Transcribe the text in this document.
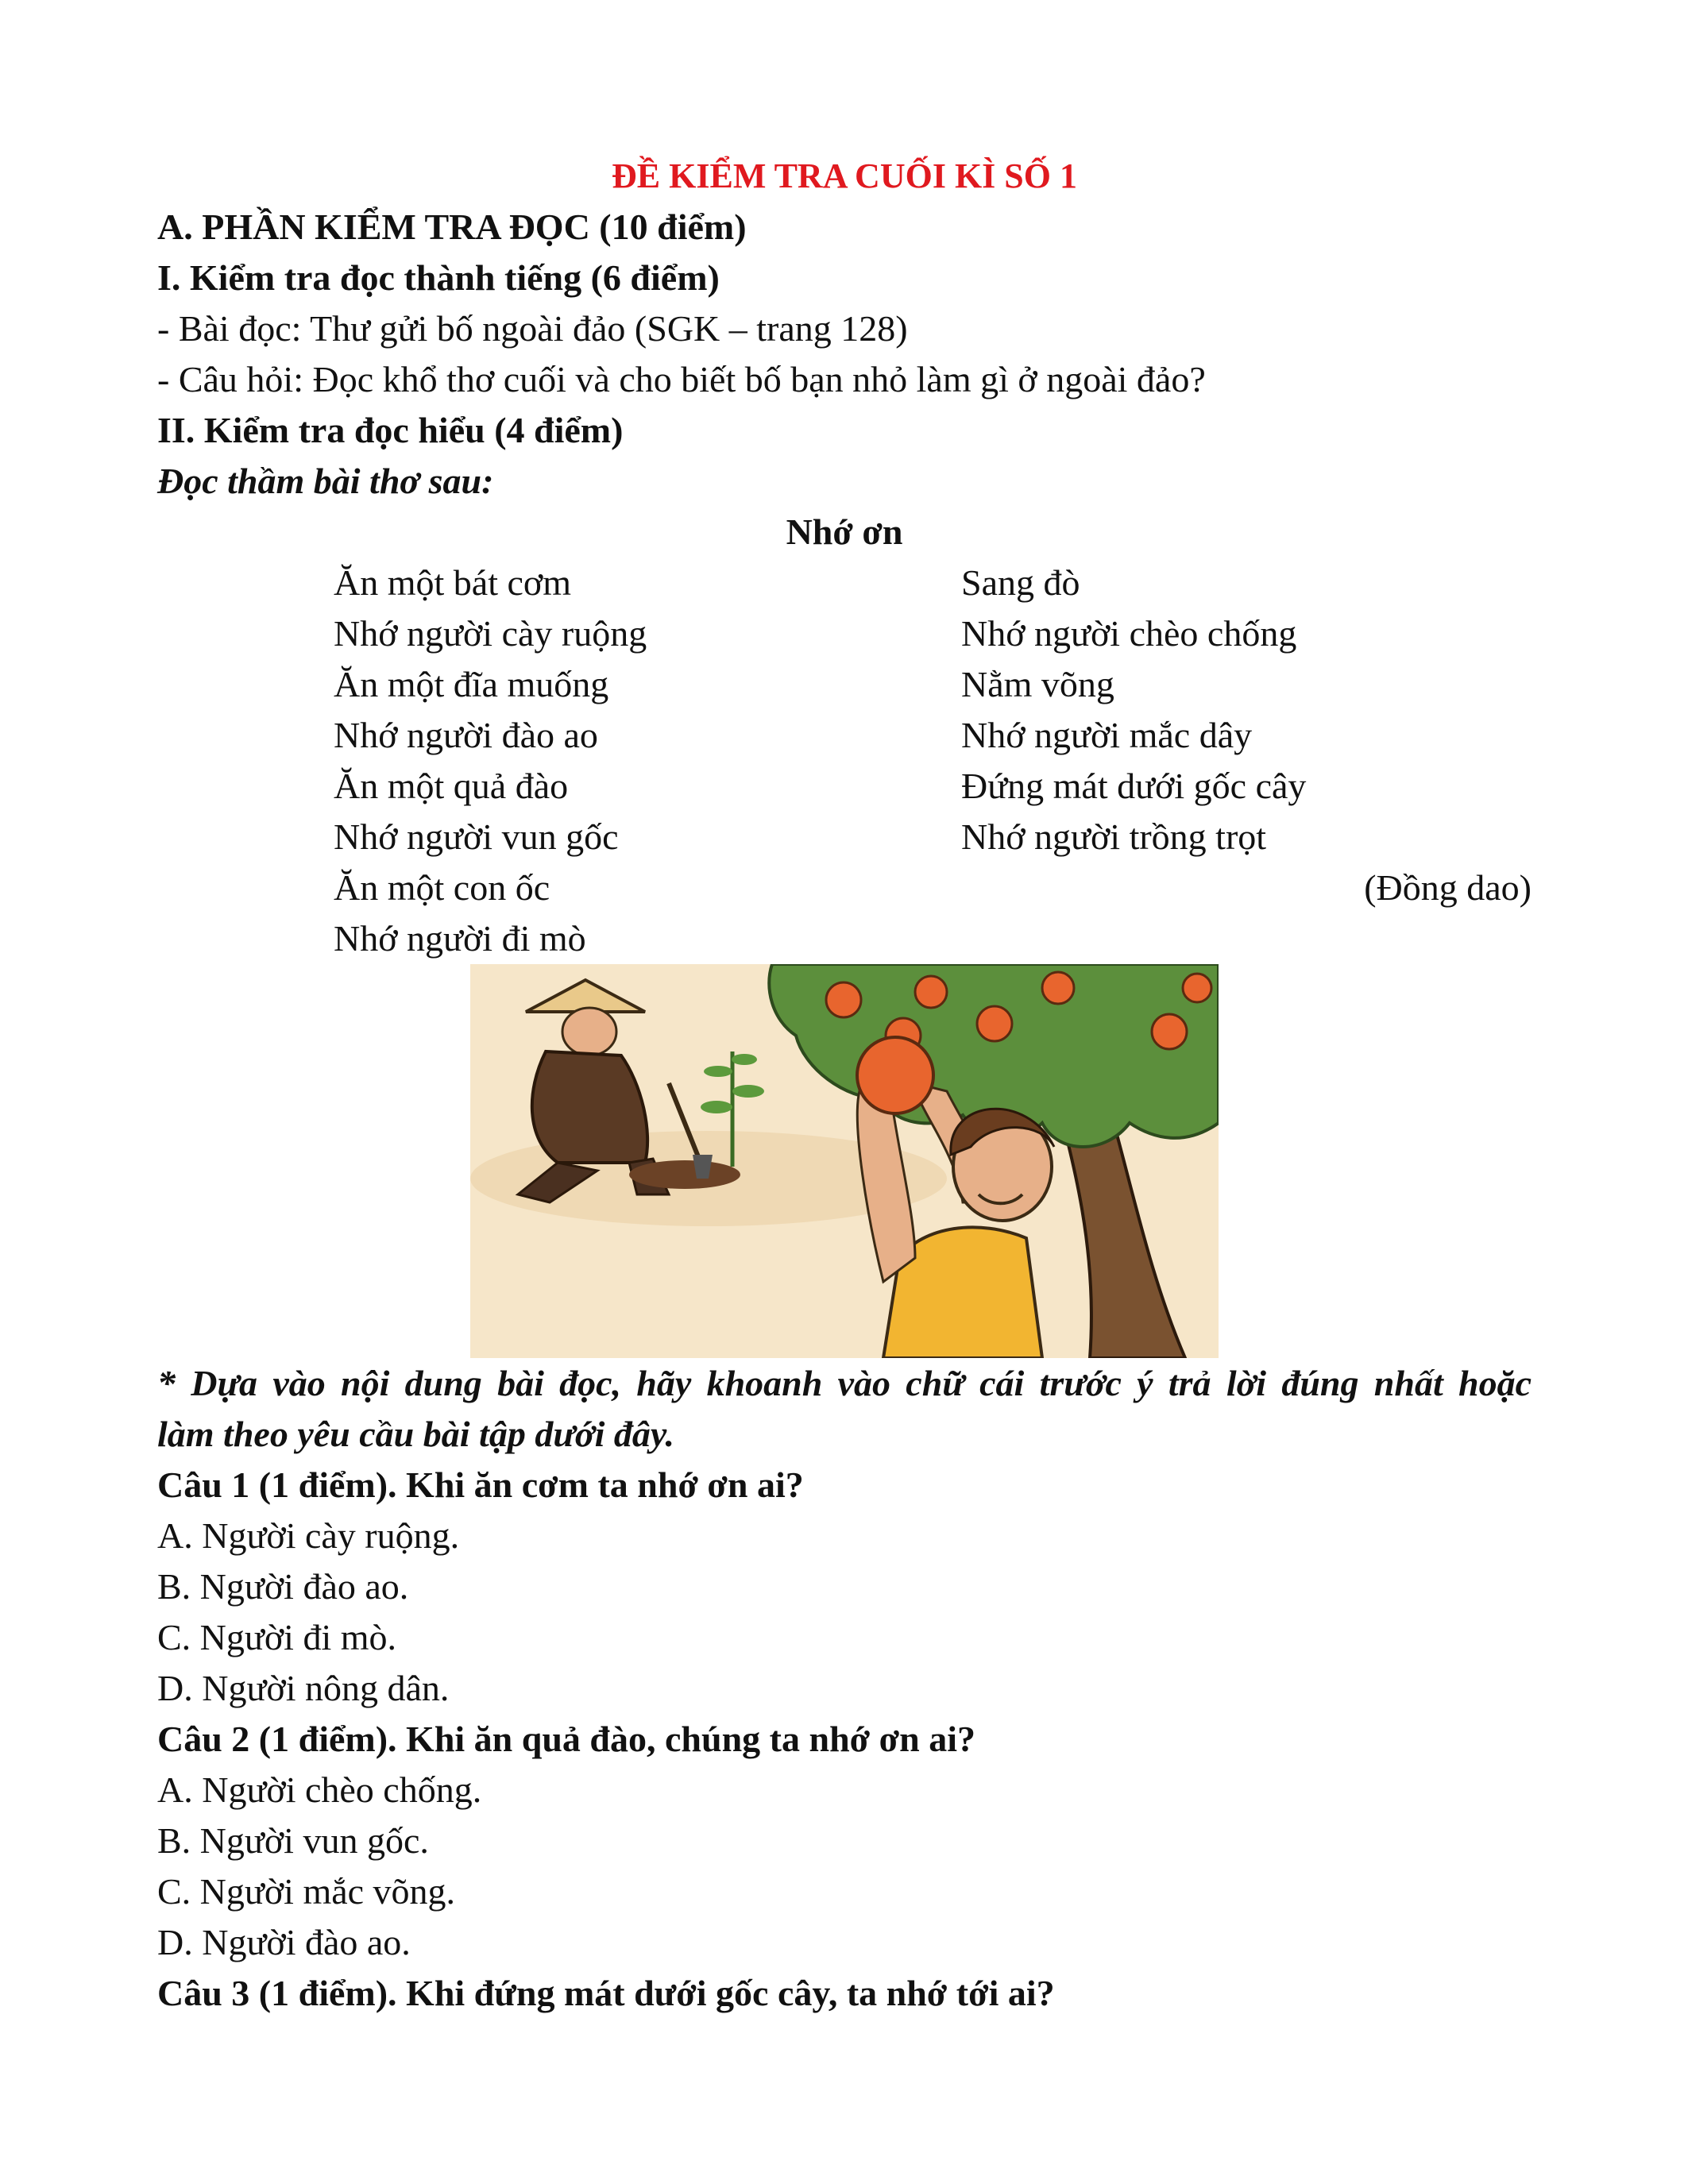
ĐỀ KIỂM TRA CUỐI KÌ SỐ 1
A. PHẦN KIỂM TRA ĐỌC (10 điểm)
I. Kiểm tra đọc thành tiếng (6 điểm)
- Bài đọc: Thư gửi bố ngoài đảo (SGK – trang 128)
- Câu hỏi: Đọc khổ thơ cuối và cho biết bố bạn nhỏ làm gì ở ngoài đảo?
II. Kiểm tra đọc hiểu (4 điểm)
Đọc thầm bài thơ sau:
Nhớ ơn
Ăn một bát cơm
Nhớ người cày ruộng
Ăn một đĩa muống
Nhớ người đào ao
Ăn một quả đào
Nhớ người vun gốc
Ăn một con ốc
Nhớ người đi mò
Sang đò
Nhớ người chèo chống
Nằm võng
Nhớ người mắc dây
Đứng mát dưới gốc cây
Nhớ người trồng trọt
(Đồng dao)
* Dựa vào nội dung bài đọc, hãy khoanh vào chữ cái trước ý trả lời đúng nhất hoặc
làm theo yêu cầu bài tập dưới đây.
Câu 1 (1 điểm). Khi ăn cơm ta nhớ ơn ai?
A. Người cày ruộng.
B. Người đào ao.
C. Người đi mò.
D. Người nông dân.
Câu 2 (1 điểm). Khi ăn quả đào, chúng ta nhớ ơn ai?
A. Người chèo chống.
B. Người vun gốc.
C. Người mắc võng.
D. Người đào ao.
Câu 3 (1 điểm). Khi đứng mát dưới gốc cây, ta nhớ tới ai?
